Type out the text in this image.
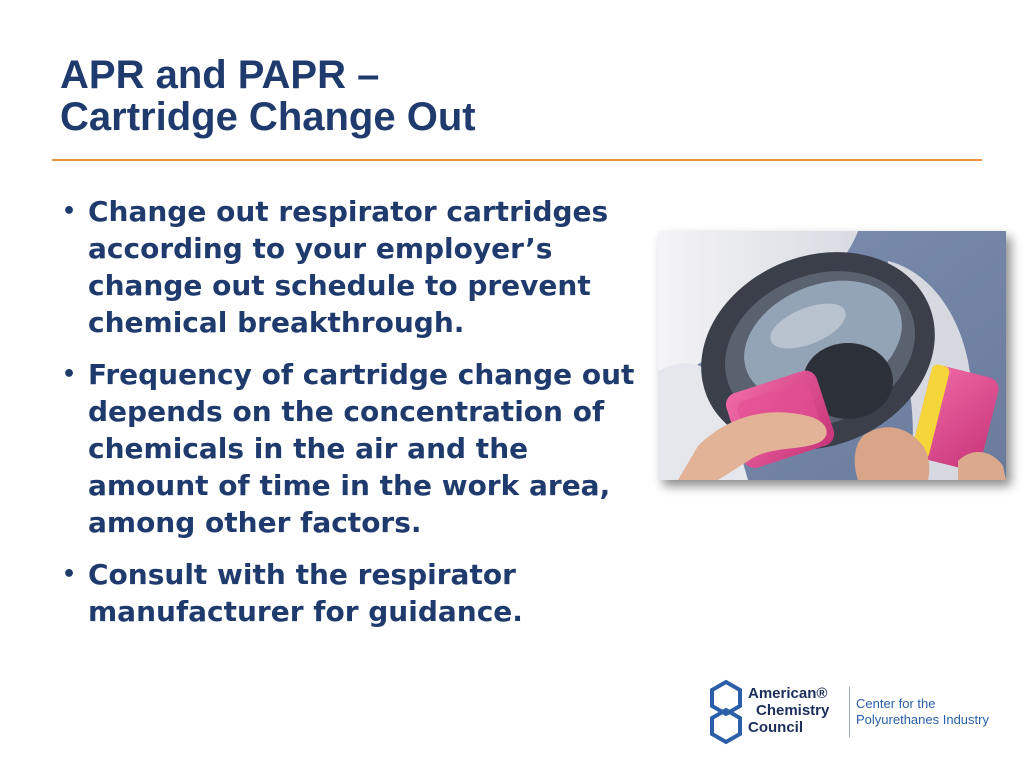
APR and PAPR –
Cartridge Change Out
• Change out respirator cartridges according to your employer’s change out schedule to prevent chemical breakthrough.
• Frequency of cartridge change out depends on the concentration of chemicals in the air and the amount of time in the work area, among other factors.
• Consult with the respirator manufacturer for guidance.
American®
Chemistry
Council
Center for the
Polyurethanes Industry
